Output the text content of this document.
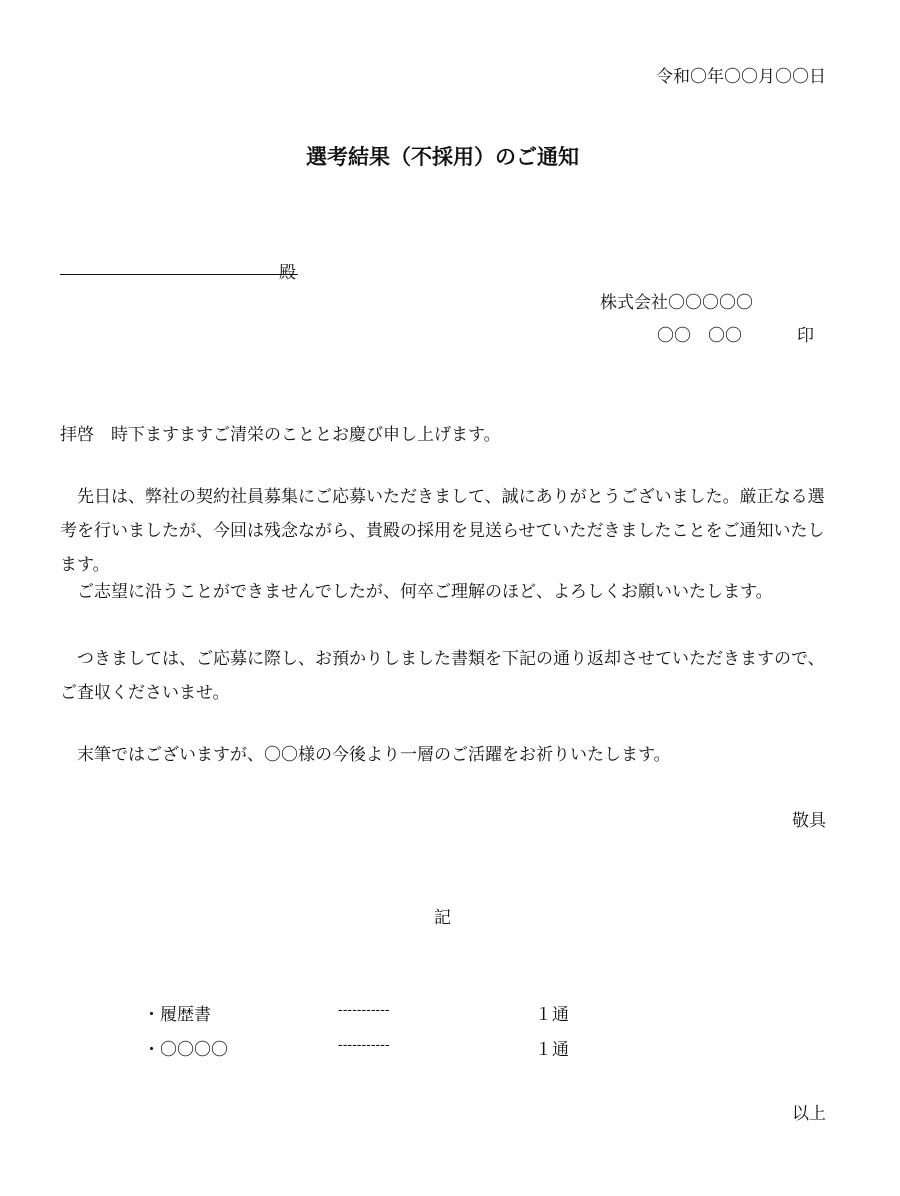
令和〇年〇〇月〇〇日
選考結果（不採用）のご通知
殿
株式会社〇〇〇〇〇
〇〇　〇〇	印
拝啓　時下ますますご清栄のこととお慶び申し上げます。
　先日は、弊社の契約社員募集にご応募いただきまして、誠にありがとうございました。厳正なる選考を行いましたが、今回は残念ながら、貴殿の採用を見送らせていただきましたことをご通知いたします。
　ご志望に沿うことができませんでしたが、何卒ご理解のほど、よろしくお願いいたします。
　つきましては、ご応募に際し、お預かりしました書類を下記の通り返却させていただきますので、ご査収くださいませ。
　末筆ではございますが、〇〇様の今後より一層のご活躍をお祈りいたします。
敬具
記
・履歴書	-----------	１通
・〇〇〇〇	-----------	１通
以上
